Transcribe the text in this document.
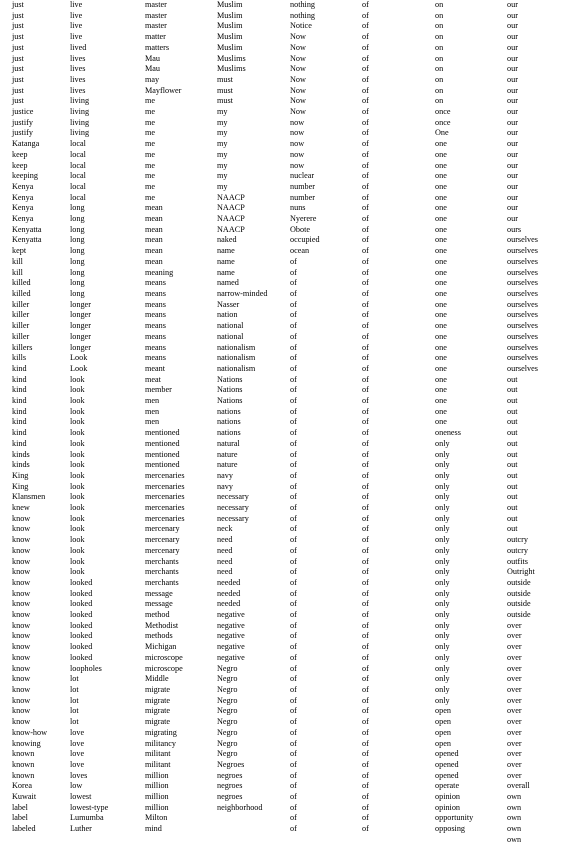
just	live	master	Muslim	nothing	of	on	our
just	live	master	Muslim	nothing	of	on	our
just	live	master	Muslim	Notice	of	on	our
just	live	matter	Muslim	Now	of	on	our
just	lived	matters	Muslim	Now	of	on	our
just	lives	Mau	Muslims	Now	of	on	our
just	lives	Mau	Muslims	Now	of	on	our
just	lives	may	must	Now	of	on	our
just	lives	Mayflower	must	Now	of	on	our
just	living	me	must	Now	of	on	our
justice	living	me	my	Now	of	once	our
justify	living	me	my	now	of	once	our
justify	living	me	my	now	of	One	our
Katanga	local	me	my	now	of	one	our
keep	local	me	my	now	of	one	our
keep	local	me	my	now	of	one	our
keeping	local	me	my	nuclear	of	one	our
Kenya	local	me	my	number	of	one	our
Kenya	local	me	NAACP	number	of	one	our
Kenya	long	mean	NAACP	nuns	of	one	our
Kenya	long	mean	NAACP	Nyerere	of	one	our
Kenyatta	long	mean	NAACP	Obote	of	one	ours
Kenyatta	long	mean	naked	occupied	of	one	ourselves
kept	long	mean	name	ocean	of	one	ourselves
kill	long	mean	name	of	of	one	ourselves
kill	long	meaning	name	of	of	one	ourselves
killed	long	means	named	of	of	one	ourselves
killed	long	means	narrow-minded	of	of	one	ourselves
killer	longer	means	Nasser	of	of	one	ourselves
killer	longer	means	nation	of	of	one	ourselves
killer	longer	means	national	of	of	one	ourselves
killer	longer	means	national	of	of	one	ourselves
killers	longer	means	nationalism	of	of	one	ourselves
kills	Look	means	nationalism	of	of	one	ourselves
kind	Look	meant	nationalism	of	of	one	ourselves
kind	look	meat	Nations	of	of	one	out
kind	look	member	Nations	of	of	one	out
kind	look	men	Nations	of	of	one	out
kind	look	men	nations	of	of	one	out
kind	look	men	nations	of	of	one	out
kind	look	mentioned	nations	of	of	oneness	out
kind	look	mentioned	natural	of	of	only	out
kinds	look	mentioned	nature	of	of	only	out
kinds	look	mentioned	nature	of	of	only	out
King	look	mercenaries	navy	of	of	only	out
King	look	mercenaries	navy	of	of	only	out
Klansmen	look	mercenaries	necessary	of	of	only	out
knew	look	mercenaries	necessary	of	of	only	out
know	look	mercenaries	necessary	of	of	only	out
know	look	mercenary	neck	of	of	only	out
know	look	mercenary	need	of	of	only	outcry
know	look	mercenary	need	of	of	only	outcry
know	look	merchants	need	of	of	only	outfits
know	look	merchants	need	of	of	only	Outright
know	looked	merchants	needed	of	of	only	outside
know	looked	message	needed	of	of	only	outside
know	looked	message	needed	of	of	only	outside
know	looked	method	negative	of	of	only	outside
know	looked	Methodist	negative	of	of	only	over
know	looked	methods	negative	of	of	only	over
know	looked	Michigan	negative	of	of	only	over
know	looked	microscope	negative	of	of	only	over
know	loopholes	microscope	Negro	of	of	only	over
know	lot	Middle	Negro	of	of	only	over
know	lot	migrate	Negro	of	of	only	over
know	lot	migrate	Negro	of	of	only	over
know	lot	migrate	Negro	of	of	open	over
know	lot	migrate	Negro	of	of	open	over
know-how	love	migrating	Negro	of	of	open	over
knowing	love	militancy	Negro	of	of	open	over
known	love	militant	Negro	of	of	opened	over
known	love	militant	Negroes	of	of	opened	over
known	loves	million	negroes	of	of	opened	over
Korea	low	million	negroes	of	of	operate	overall
Kuwait	lowest	million	negroes	of	of	opinion	own
label	lowest-type	million	neighborhood	of	of	opinion	own
label	Lumumba	Milton		of	of	opportunity	own
labeled	Luther	mind		of	of	opposing	own
							own
